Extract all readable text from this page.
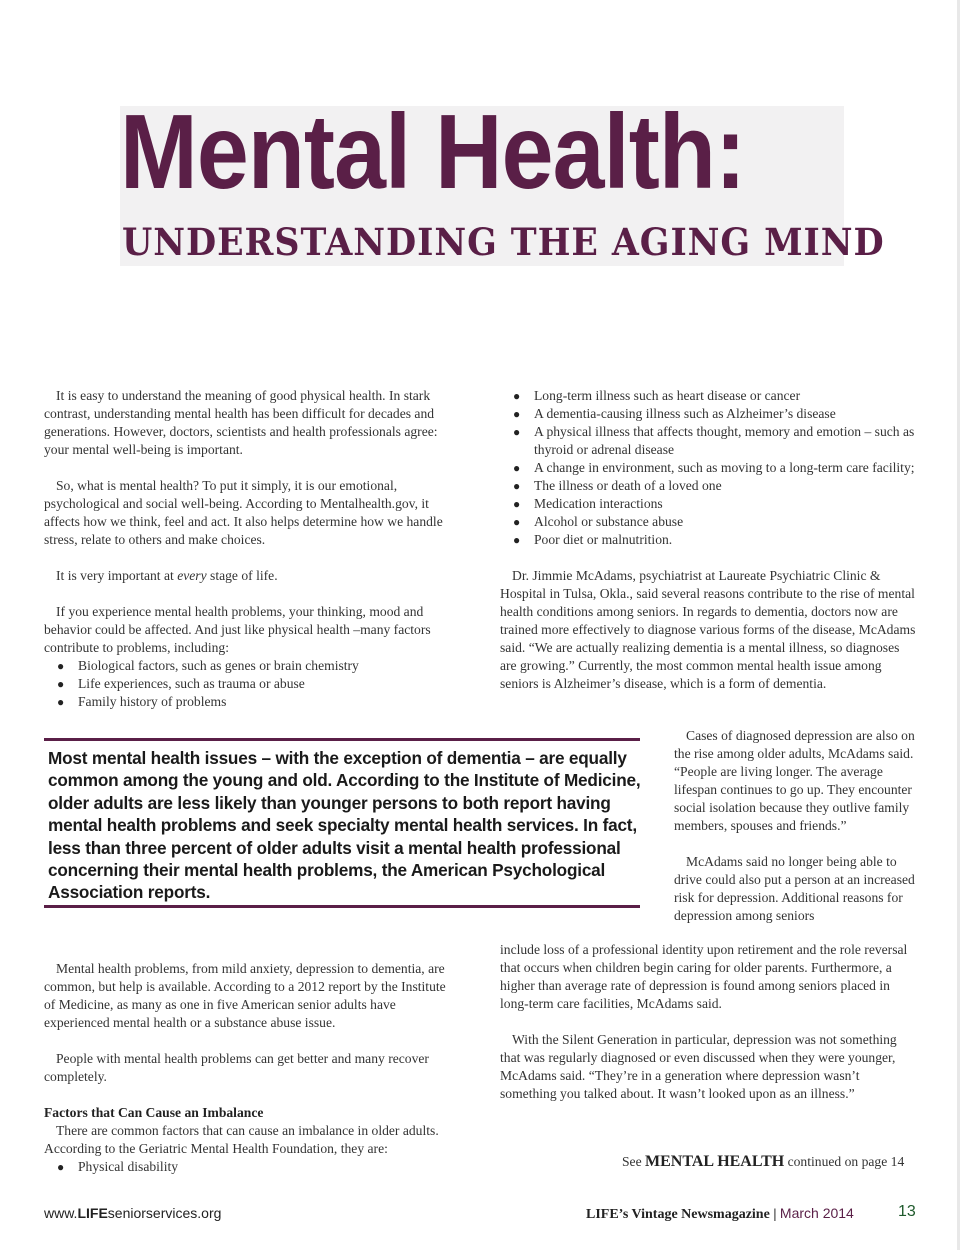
Mental Health:
UNDERSTANDING THE AGING MIND

It is easy to understand the meaning of good physical health. In stark contrast, understanding mental health has been difficult for decades and generations. However, doctors, scientists and health professionals agree: your mental well-being is important.

So, what is mental health? To put it simply, it is our emotional, psychological and social well-being. According to Mentalhealth.gov, it affects how we think, feel and act. It also helps determine how we handle stress, relate to others and make choices.

It is very important at every stage of life.

If you experience mental health problems, your thinking, mood and behavior could be affected. And just like physical health –many factors contribute to problems, including:

● Biological factors, such as genes or brain chemistry
● Life experiences, such as trauma or abuse
● Family history of problems
● Long-term illness such as heart disease or cancer
● A dementia-causing illness such as Alzheimer’s disease
● A physical illness that affects thought, memory and emotion – such as thyroid or adrenal disease
● A change in environment, such as moving to a long-term care facility;
● The illness or death of a loved one
● Medication interactions
● Alcohol or substance abuse
● Poor diet or malnutrition.

Dr. Jimmie McAdams, psychiatrist at Laureate Psychiatric Clinic & Hospital in Tulsa, Okla., said several reasons contribute to the rise of mental health conditions among seniors. In regards to dementia, doctors now are trained more effectively to diagnose various forms of the disease, McAdams said. “We are actually realizing dementia is a mental illness, so diagnoses are growing.” Currently, the most common mental health issue among seniors is Alzheimer’s disease, which is a form of dementia.

Most mental health issues – with the exception of dementia – are equally common among the young and old. According to the Institute of Medicine, older adults are less likely than younger persons to both report having mental health problems and seek specialty mental health services. In fact, less than three percent of older adults visit a mental health professional concerning their mental health problems, the American Psychological Association reports.

Cases of diagnosed depression are also on the rise among older adults, McAdams said. “People are living longer. The average lifespan continues to go up. They encounter social isolation because they outlive family members, spouses and friends.”

McAdams said no longer being able to drive could also put a person at an increased risk for depression. Additional reasons for depression among seniors

include loss of a professional identity upon retirement and the role reversal that occurs when children begin caring for older parents. Furthermore, a higher than average rate of depression is found among seniors placed in long-term care facilities, McAdams said.

With the Silent Generation in particular, depression was not something that was regularly diagnosed or even discussed when they were younger, McAdams said. “They’re in a generation where depression wasn’t something you talked about. It wasn’t looked upon as an illness.”

Mental health problems, from mild anxiety, depression to dementia, are common, but help is available. According to a 2012 report by the Institute of Medicine, as many as one in five American senior adults have experienced mental health or a substance abuse issue.

People with mental health problems can get better and many recover completely.

Factors that Can Cause an Imbalance

There are common factors that can cause an imbalance in older adults. According to the Geriatric Mental Health Foundation, they are:

● Physical disability	See MENTAL HEALTH continued on page 14
www.LIFEseniorservices.org	LIFE’s Vintage Newsmagazine | March 2014	13
